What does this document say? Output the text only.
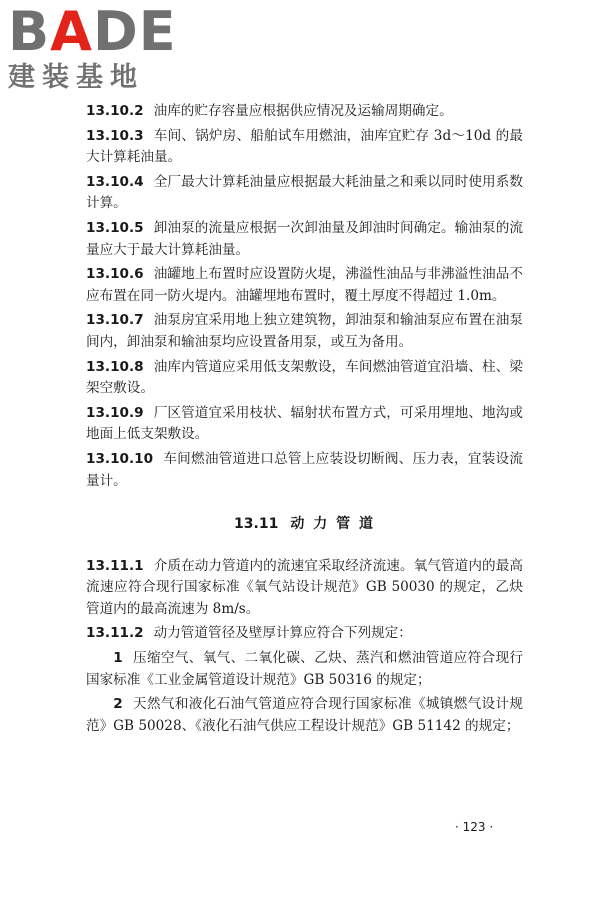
BADE
建装基地

13.10.2 油库的贮存容量应根据供应情况及运输周期确定。

13.10.3 车间、锅炉房、船舶试车用燃油，油库宜贮存 3d～10d 的最大计算耗油量。

13.10.4 全厂最大计算耗油量应根据最大耗油量之和乘以同时使用系数计算。

13.10.5 卸油泵的流量应根据一次卸油量及卸油时间确定。输油泵的流量应大于最大计算耗油量。

13.10.6 油罐地上布置时应设置防火堤，沸溢性油品与非沸溢性油品不应布置在同一防火堤内。油罐埋地布置时，覆土厚度不得超过 1.0m。

13.10.7 油泵房宜采用地上独立建筑物，卸油泵和输油泵应布置在油泵间内，卸油泵和输油泵均应设置备用泵，或互为备用。

13.10.8 油库内管道应采用低支架敷设，车间燃油管道宜沿墙、柱、梁架空敷设。

13.10.9 厂区管道宜采用枝状、辐射状布置方式，可采用埋地、地沟或地面上低支架敷设。

13.10.10 车间燃油管道进口总管上应装设切断阀、压力表，宜装设流量计。

13.11 动 力 管 道

13.11.1 介质在动力管道内的流速宜采取经济流速。氧气管道内的最高流速应符合现行国家标准《氧气站设计规范》GB 50030 的规定，乙炔管道内的最高流速为 8m/s。

13.11.2 动力管道管径及壁厚计算应符合下列规定：

1 压缩空气、氧气、二氧化碳、乙炔、蒸汽和燃油管道应符合现行国家标准《工业金属管道设计规范》GB 50316 的规定；

2 天然气和液化石油气管道应符合现行国家标准《城镇燃气设计规范》GB 50028、《液化石油气供应工程设计规范》GB 51142 的规定；

· 123 ·
